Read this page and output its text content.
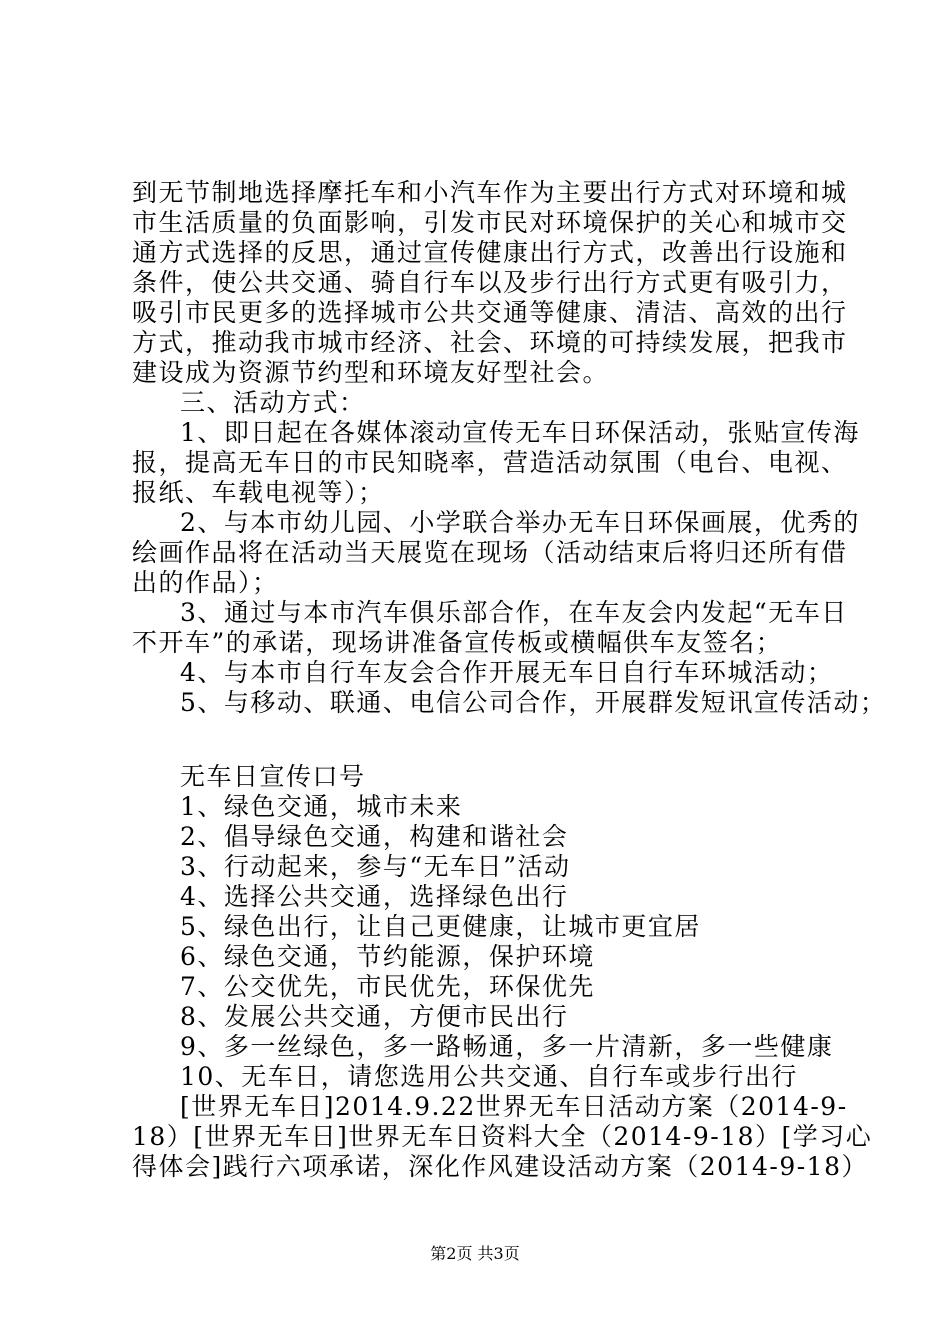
到无节制地选择摩托车和小汽车作为主要出行方式对环境和城
市生活质量的负面影响，引发市民对环境保护的关心和城市交
通方式选择的反思，通过宣传健康出行方式，改善出行设施和
条件，使公共交通、骑自行车以及步行出行方式更有吸引力，
吸引市民更多的选择城市公共交通等健康、清洁、高效的出行
方式，推动我市城市经济、社会、环境的可持续发展，把我市
建设成为资源节约型和环境友好型社会。
三、活动方式：
1、即日起在各媒体滚动宣传无车日环保活动，张贴宣传海
报，提高无车日的市民知晓率，营造活动氛围（电台、电视、
报纸、车载电视等）；
2、与本市幼儿园、小学联合举办无车日环保画展，优秀的
绘画作品将在活动当天展览在现场（活动结束后将归还所有借
出的作品）；
3、通过与本市汽车俱乐部合作，在车友会内发起“无车日
不开车”的承诺，现场讲准备宣传板或横幅供车友签名；
4、与本市自行车友会合作开展无车日自行车环城活动；
5、与移动、联通、电信公司合作，开展群发短讯宣传活动；
无车日宣传口号
1、绿色交通，城市未来
2、倡导绿色交通，构建和谐社会
3、行动起来，参与“无车日”活动
4、选择公共交通，选择绿色出行
5、绿色出行，让自己更健康，让城市更宜居
6、绿色交通，节约能源，保护环境
7、公交优先，市民优先，环保优先
8、发展公共交通，方便市民出行
9、多一丝绿色，多一路畅通，多一片清新，多一些健康
10、无车日，请您选用公共交通、自行车或步行出行
[世界无车日]2014.9.22世界无车日活动方案（2014-9-
18）[世界无车日]世界无车日资料大全（2014-9-18）[学习心
得体会]践行六项承诺，深化作风建设活动方案（2014-9-18）
第2页 共3页
